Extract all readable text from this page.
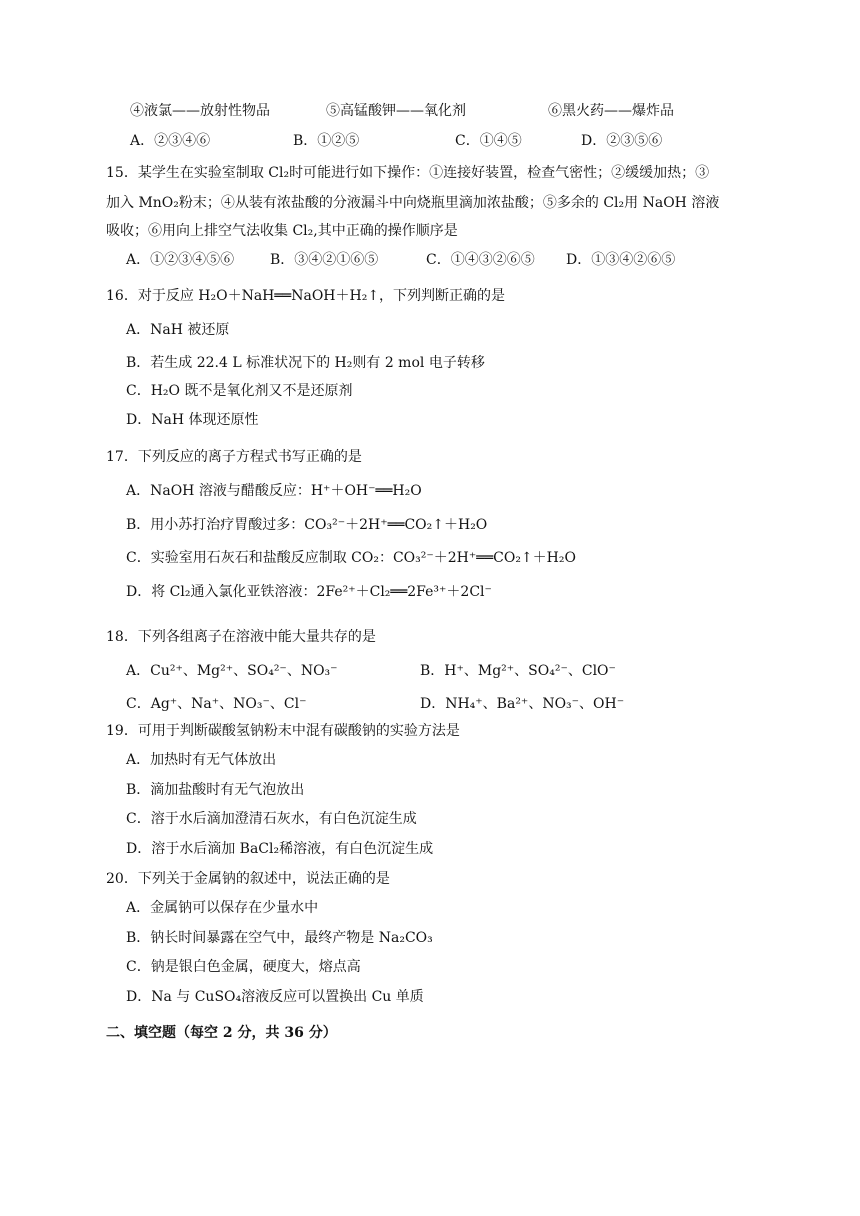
④液氯——放射性物品	⑤高锰酸钾——氧化剂	⑥黑火药——爆炸品
A．②③④⑥	B．①②⑤	C．①④⑤	D．②③⑤⑥
15．某学生在实验室制取 Cl₂时可能进行如下操作：①连接好装置，检查气密性；②缓缓加热；③
加入 MnO₂粉末；④从装有浓盐酸的分液漏斗中向烧瓶里滴加浓盐酸；⑤多余的 Cl₂用 NaOH 溶液
吸收；⑥用向上排空气法收集 Cl₂,其中正确的操作顺序是
A．①②③④⑤⑥	B．③④②①⑥⑤	C．①④③②⑥⑤ D．①③④②⑥⑤
16．对于反应 H₂O＋NaH══NaOH＋H₂↑，下列判断正确的是
A．NaH 被还原
B．若生成 22.4 L 标准状况下的 H₂则有 2 mol 电子转移
C．H₂O 既不是氧化剂又不是还原剂
D．NaH 体现还原性
17．下列反应的离子方程式书写正确的是
A．NaOH 溶液与醋酸反应：H⁺＋OH⁻══H₂O
B．用小苏打治疗胃酸过多：CO₃²⁻＋2H⁺══CO₂↑＋H₂O
C．实验室用石灰石和盐酸反应制取 CO₂：CO₃²⁻＋2H⁺══CO₂↑＋H₂O
D．将 Cl₂通入氯化亚铁溶液：2Fe²⁺＋Cl₂══2Fe³⁺＋2Cl⁻
18．下列各组离子在溶液中能大量共存的是
A．Cu²⁺、Mg²⁺、SO₄²⁻、NO₃⁻	B．H⁺、Mg²⁺、SO₄²⁻、ClO⁻
C．Ag⁺、Na⁺、NO₃⁻、Cl⁻	D．NH₄⁺、Ba²⁺、NO₃⁻、OH⁻
19．可用于判断碳酸氢钠粉末中混有碳酸钠的实验方法是
A．加热时有无气体放出
B．滴加盐酸时有无气泡放出
C．溶于水后滴加澄清石灰水，有白色沉淀生成
D．溶于水后滴加 BaCl₂稀溶液，有白色沉淀生成
20．下列关于金属钠的叙述中，说法正确的是
A．金属钠可以保存在少量水中
B．钠长时间暴露在空气中，最终产物是 Na₂CO₃
C．钠是银白色金属，硬度大，熔点高
D．Na 与 CuSO₄溶液反应可以置换出 Cu 单质
二、填空题（每空 2 分，共 36 分）
